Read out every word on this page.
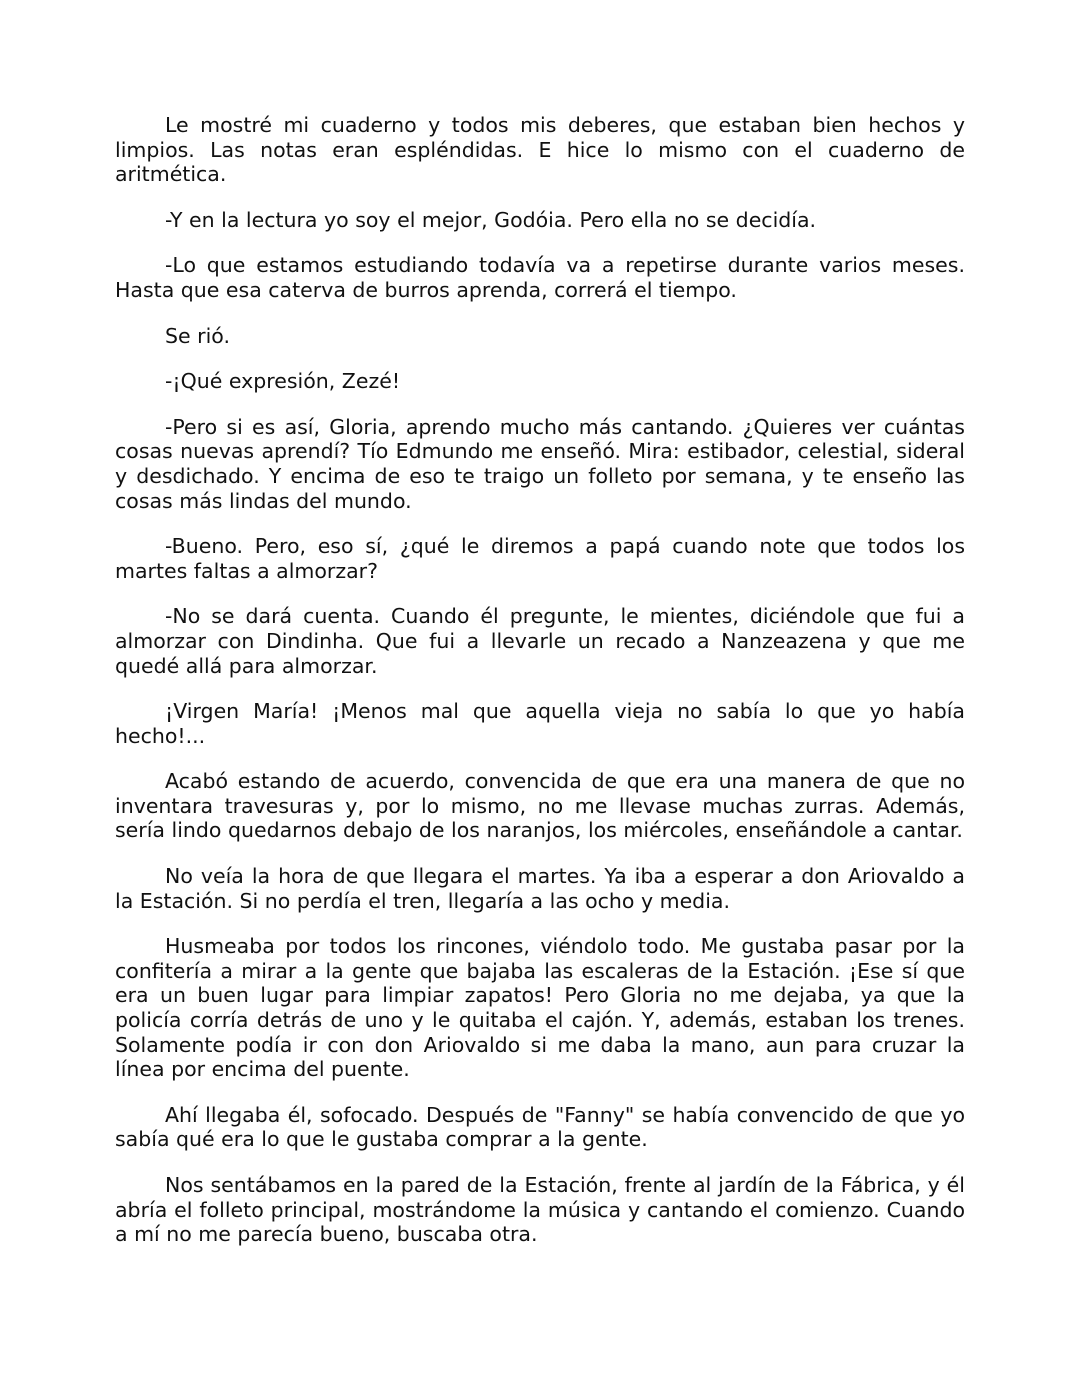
Le mostré mi cuaderno y todos mis deberes, que estaban bien hechos y limpios. Las notas eran espléndidas. E hice lo mismo con el cuaderno de aritmética.

-Y en la lectura yo soy el mejor, Godóia. Pero ella no se decidía.

-Lo que estamos estudiando todavía va a repetirse durante varios meses. Hasta que esa caterva de burros aprenda, correrá el tiempo.

Se rió.

-¡Qué expresión, Zezé!

-Pero si es así, Gloria, aprendo mucho más cantando. ¿Quieres ver cuántas cosas nuevas aprendí? Tío Edmundo me enseñó. Mira: estibador, celestial, sideral y desdichado. Y encima de eso te traigo un folleto por semana, y te enseño las cosas más lindas del mundo.

-Bueno. Pero, eso sí, ¿qué le diremos a papá cuando note que todos los martes faltas a almorzar?

-No se dará cuenta. Cuando él pregunte, le mientes, diciéndole que fui a almorzar con Dindinha. Que fui a llevarle un recado a Nanzeazena y que me quedé allá para almorzar.

¡Virgen María! ¡Menos mal que aquella vieja no sabía lo que yo había hecho!...

Acabó estando de acuerdo, convencida de que era una manera de que no inventara travesuras y, por lo mismo, no me llevase muchas zurras. Además, sería lindo quedarnos debajo de los naranjos, los miércoles, enseñándole a cantar.

No veía la hora de que llegara el martes. Ya iba a esperar a don Ariovaldo a la Estación. Si no perdía el tren, llegaría a las ocho y media.

Husmeaba por todos los rincones, viéndolo todo. Me gustaba pasar por la confitería a mirar a la gente que bajaba las escaleras de la Estación. ¡Ese sí que era un buen lugar para limpiar zapatos! Pero Gloria no me dejaba, ya que la policía corría detrás de uno y le quitaba el cajón. Y, además, estaban los trenes. Solamente podía ir con don Ariovaldo si me daba la mano, aun para cruzar la línea por encima del puente.

Ahí llegaba él, sofocado. Después de "Fanny" se había convencido de que yo sabía qué era lo que le gustaba comprar a la gente.

Nos sentábamos en la pared de la Estación, frente al jardín de la Fábrica, y él abría el folleto principal, mostrándome la música y cantando el comienzo. Cuando a mí no me parecía bueno, buscaba otra.
